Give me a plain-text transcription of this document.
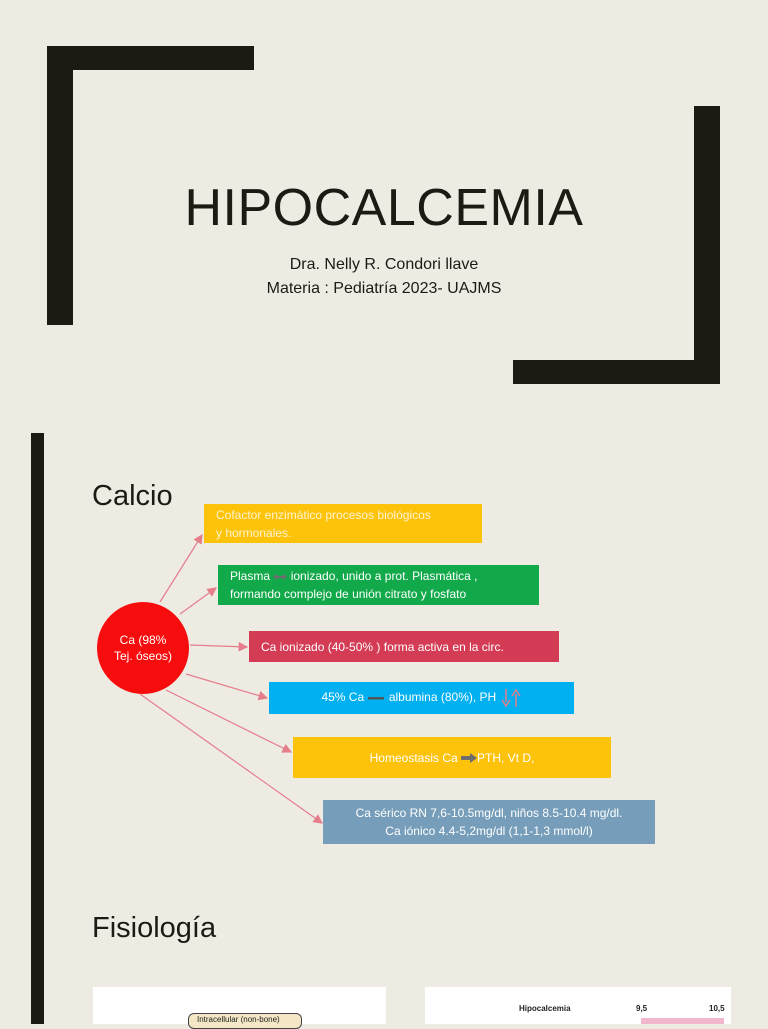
HIPOCALCEMIA
Dra. Nelly R. Condori llave
Materia : Pediatría 2023- UAJMS
Calcio
Ca (98%
Tej. óseos)
Cofactor enzimático procesos biológicos
y hormonales.
Plasma  ionizado, unido a prot. Plasmática ,
formando complejo de unión citrato y fosfato
Ca ionizado (40-50% ) forma activa en la circ.
45% Ca  albumina (80%), PH
Homeostasis Ca PTH, Vt D,
Ca sérico RN 7,6-10.5mg/dl, niños 8.5-10.4 mg/dl.
Ca iónico 4.4-5,2mg/dl (1,1-1,3 mmol/l)
Fisiología
Intracellular (non-bone)
Hipocalcemia	9,5	10,5
